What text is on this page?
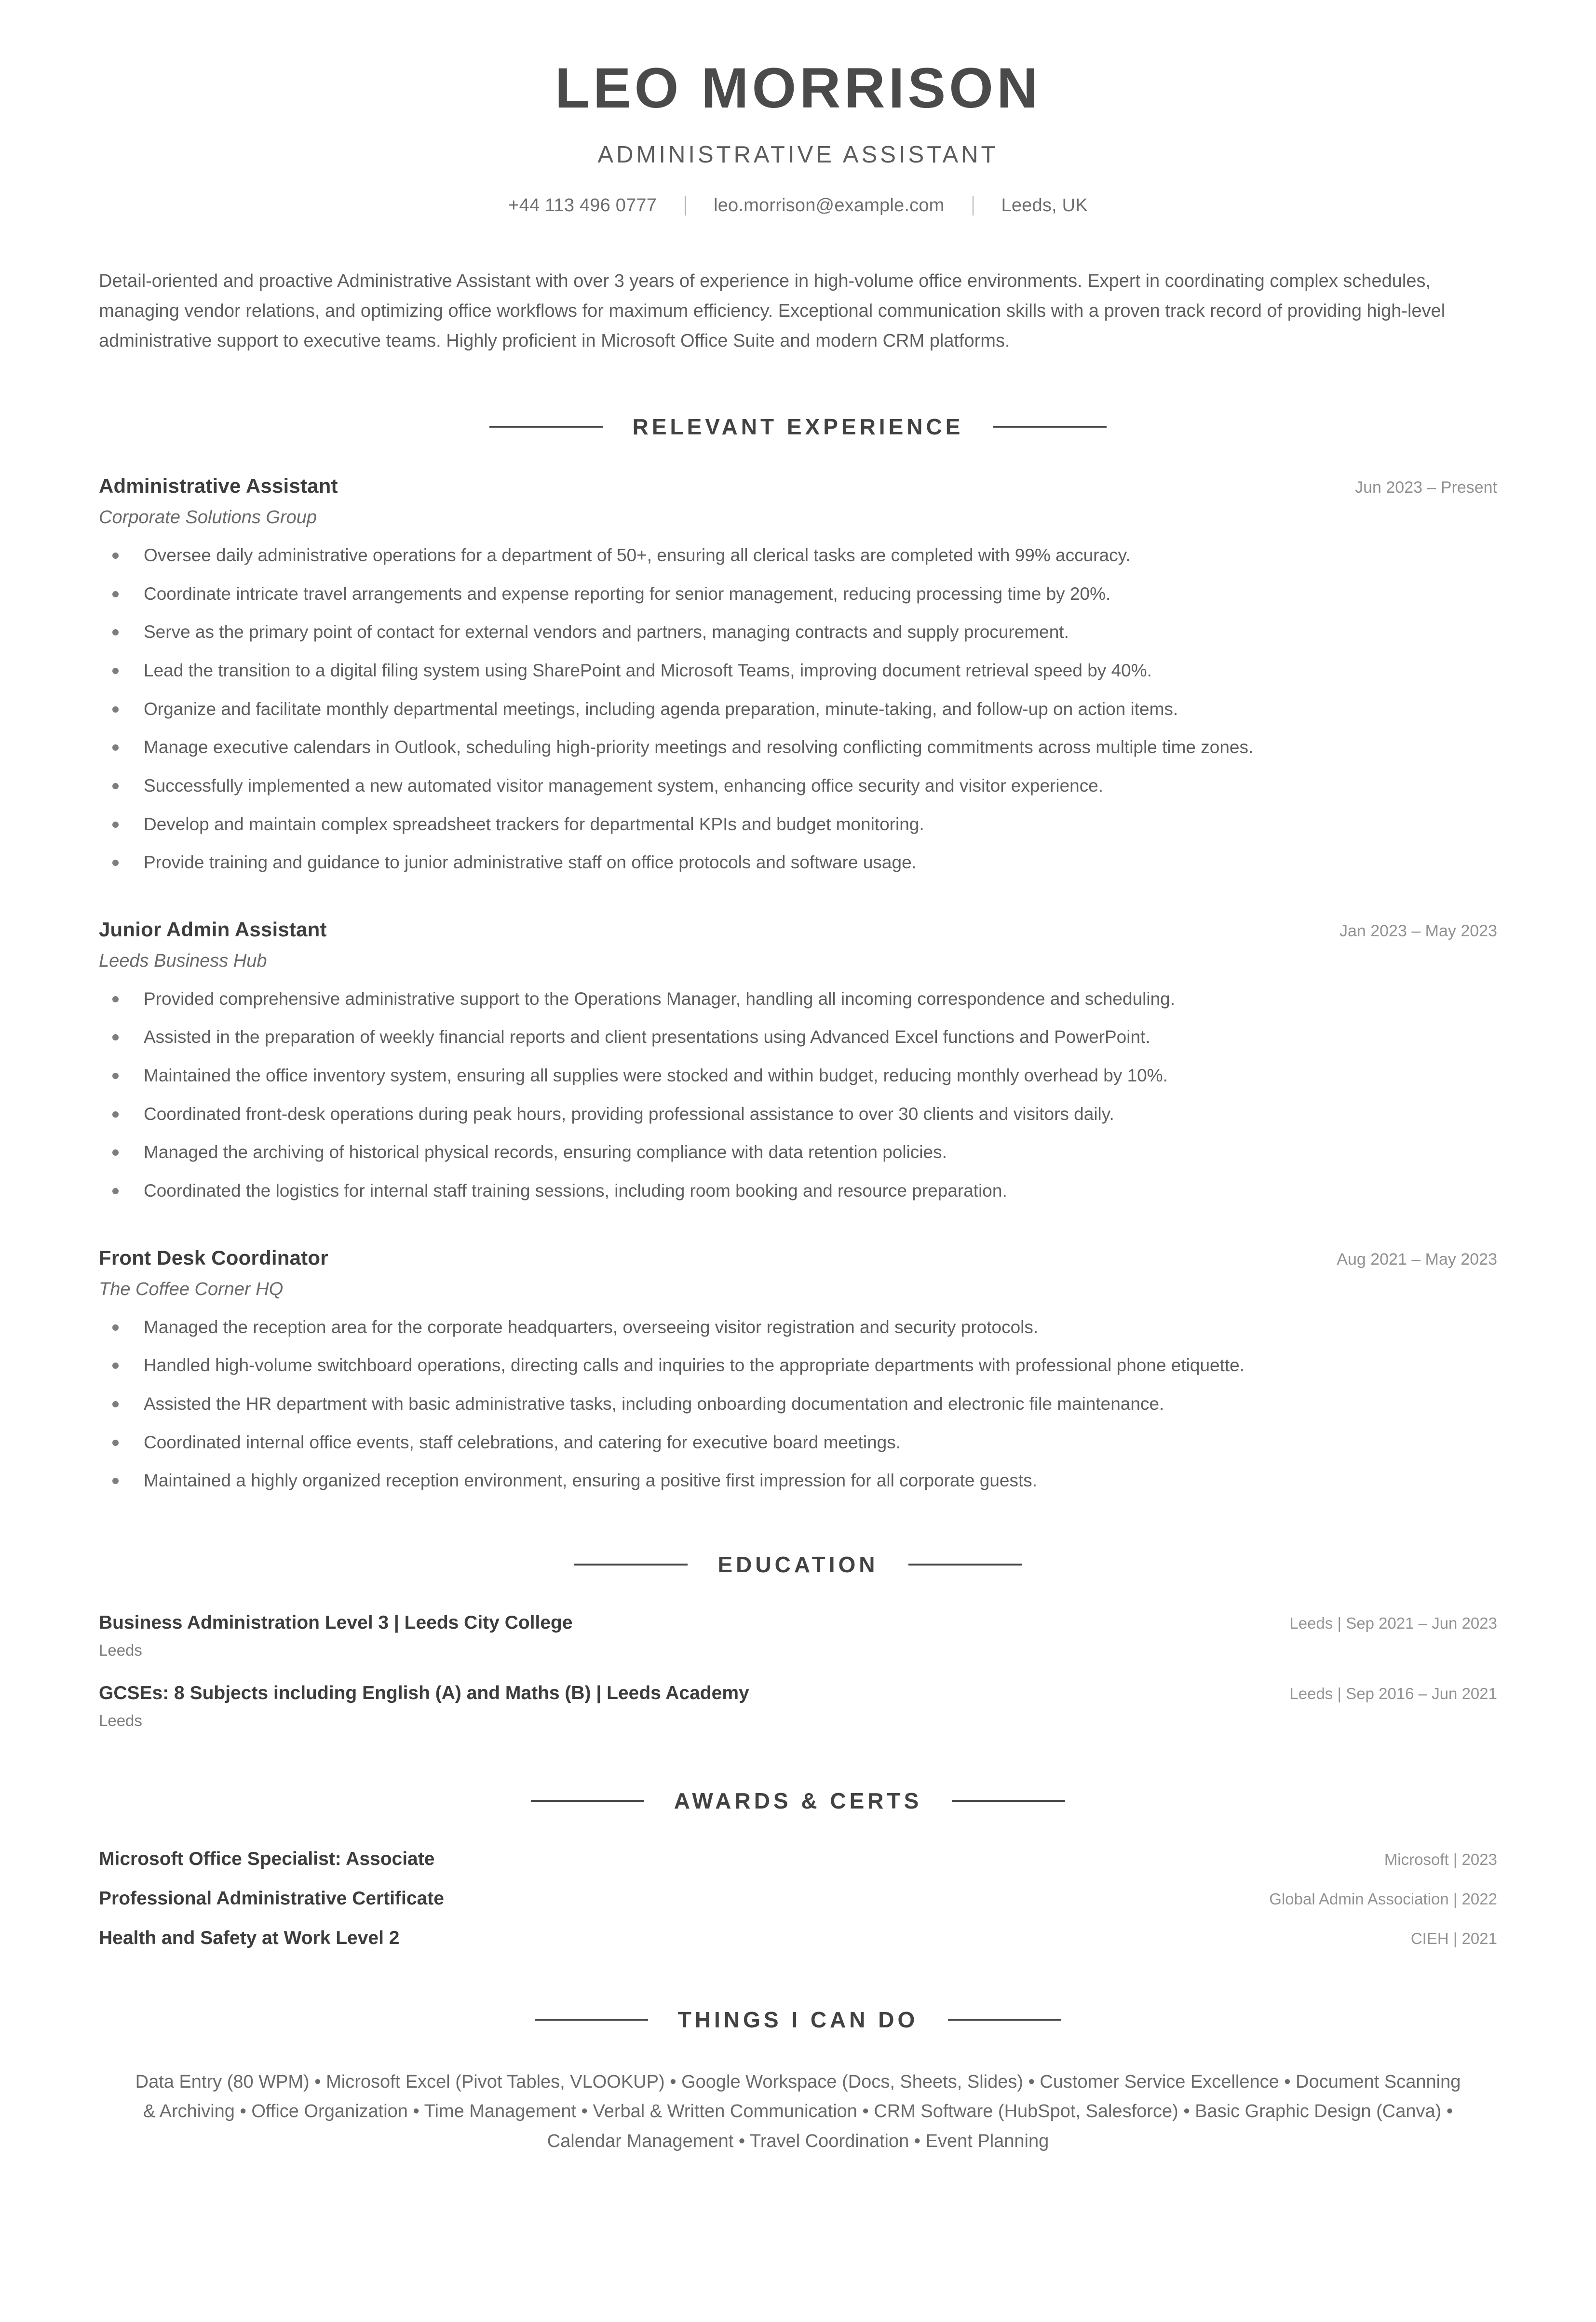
LEO MORRISON
ADMINISTRATIVE ASSISTANT
+44 113 496 0777	leo.morrison@example.com	Leeds, UK
Detail-oriented and proactive Administrative Assistant with over 3 years of experience in high-volume office environments. Expert in coordinating complex schedules, managing vendor relations, and optimizing office workflows for maximum efficiency. Exceptional communication skills with a proven track record of providing high-level administrative support to executive teams. Highly proficient in Microsoft Office Suite and modern CRM platforms.
RELEVANT EXPERIENCE
Administrative Assistant	Jun 2023 – Present
Corporate Solutions Group
Oversee daily administrative operations for a department of 50+, ensuring all clerical tasks are completed with 99% accuracy.
Coordinate intricate travel arrangements and expense reporting for senior management, reducing processing time by 20%.
Serve as the primary point of contact for external vendors and partners, managing contracts and supply procurement.
Lead the transition to a digital filing system using SharePoint and Microsoft Teams, improving document retrieval speed by 40%.
Organize and facilitate monthly departmental meetings, including agenda preparation, minute-taking, and follow-up on action items.
Manage executive calendars in Outlook, scheduling high-priority meetings and resolving conflicting commitments across multiple time zones.
Successfully implemented a new automated visitor management system, enhancing office security and visitor experience.
Develop and maintain complex spreadsheet trackers for departmental KPIs and budget monitoring.
Provide training and guidance to junior administrative staff on office protocols and software usage.
Junior Admin Assistant	Jan 2023 – May 2023
Leeds Business Hub
Provided comprehensive administrative support to the Operations Manager, handling all incoming correspondence and scheduling.
Assisted in the preparation of weekly financial reports and client presentations using Advanced Excel functions and PowerPoint.
Maintained the office inventory system, ensuring all supplies were stocked and within budget, reducing monthly overhead by 10%.
Coordinated front-desk operations during peak hours, providing professional assistance to over 30 clients and visitors daily.
Managed the archiving of historical physical records, ensuring compliance with data retention policies.
Coordinated the logistics for internal staff training sessions, including room booking and resource preparation.
Front Desk Coordinator	Aug 2021 – May 2023
The Coffee Corner HQ
Managed the reception area for the corporate headquarters, overseeing visitor registration and security protocols.
Handled high-volume switchboard operations, directing calls and inquiries to the appropriate departments with professional phone etiquette.
Assisted the HR department with basic administrative tasks, including onboarding documentation and electronic file maintenance.
Coordinated internal office events, staff celebrations, and catering for executive board meetings.
Maintained a highly organized reception environment, ensuring a positive first impression for all corporate guests.
EDUCATION
Business Administration Level 3 | Leeds City College	Leeds | Sep 2021 – Jun 2023
Leeds
GCSEs: 8 Subjects including English (A) and Maths (B) | Leeds Academy	Leeds | Sep 2016 – Jun 2021
Leeds
AWARDS & CERTS
Microsoft Office Specialist: Associate	Microsoft | 2023
Professional Administrative Certificate	Global Admin Association | 2022
Health and Safety at Work Level 2	CIEH | 2021
THINGS I CAN DO
Data Entry (80 WPM) • Microsoft Excel (Pivot Tables, VLOOKUP) • Google Workspace (Docs, Sheets, Slides) • Customer Service Excellence • Document Scanning & Archiving • Office Organization • Time Management • Verbal & Written Communication • CRM Software (HubSpot, Salesforce) • Basic Graphic Design (Canva) • Calendar Management • Travel Coordination • Event Planning
